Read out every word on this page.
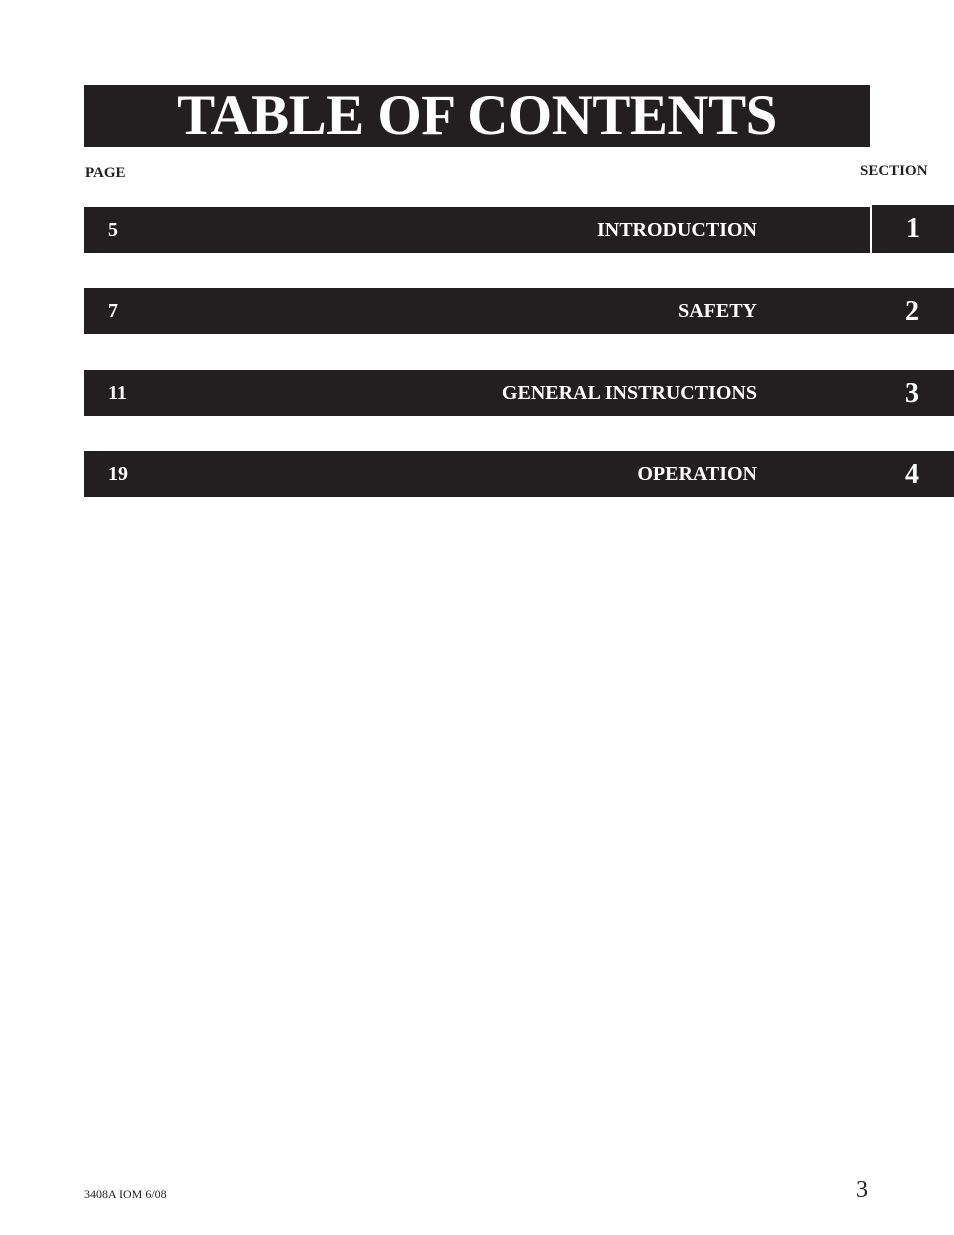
TABLE OF CONTENTS
PAGE	SECTION
5	INTRODUCTION	1
7	SAFETY	2
11	GENERAL INSTRUCTIONS	3
19	OPERATION	4
3408A IOM 6/08	3
